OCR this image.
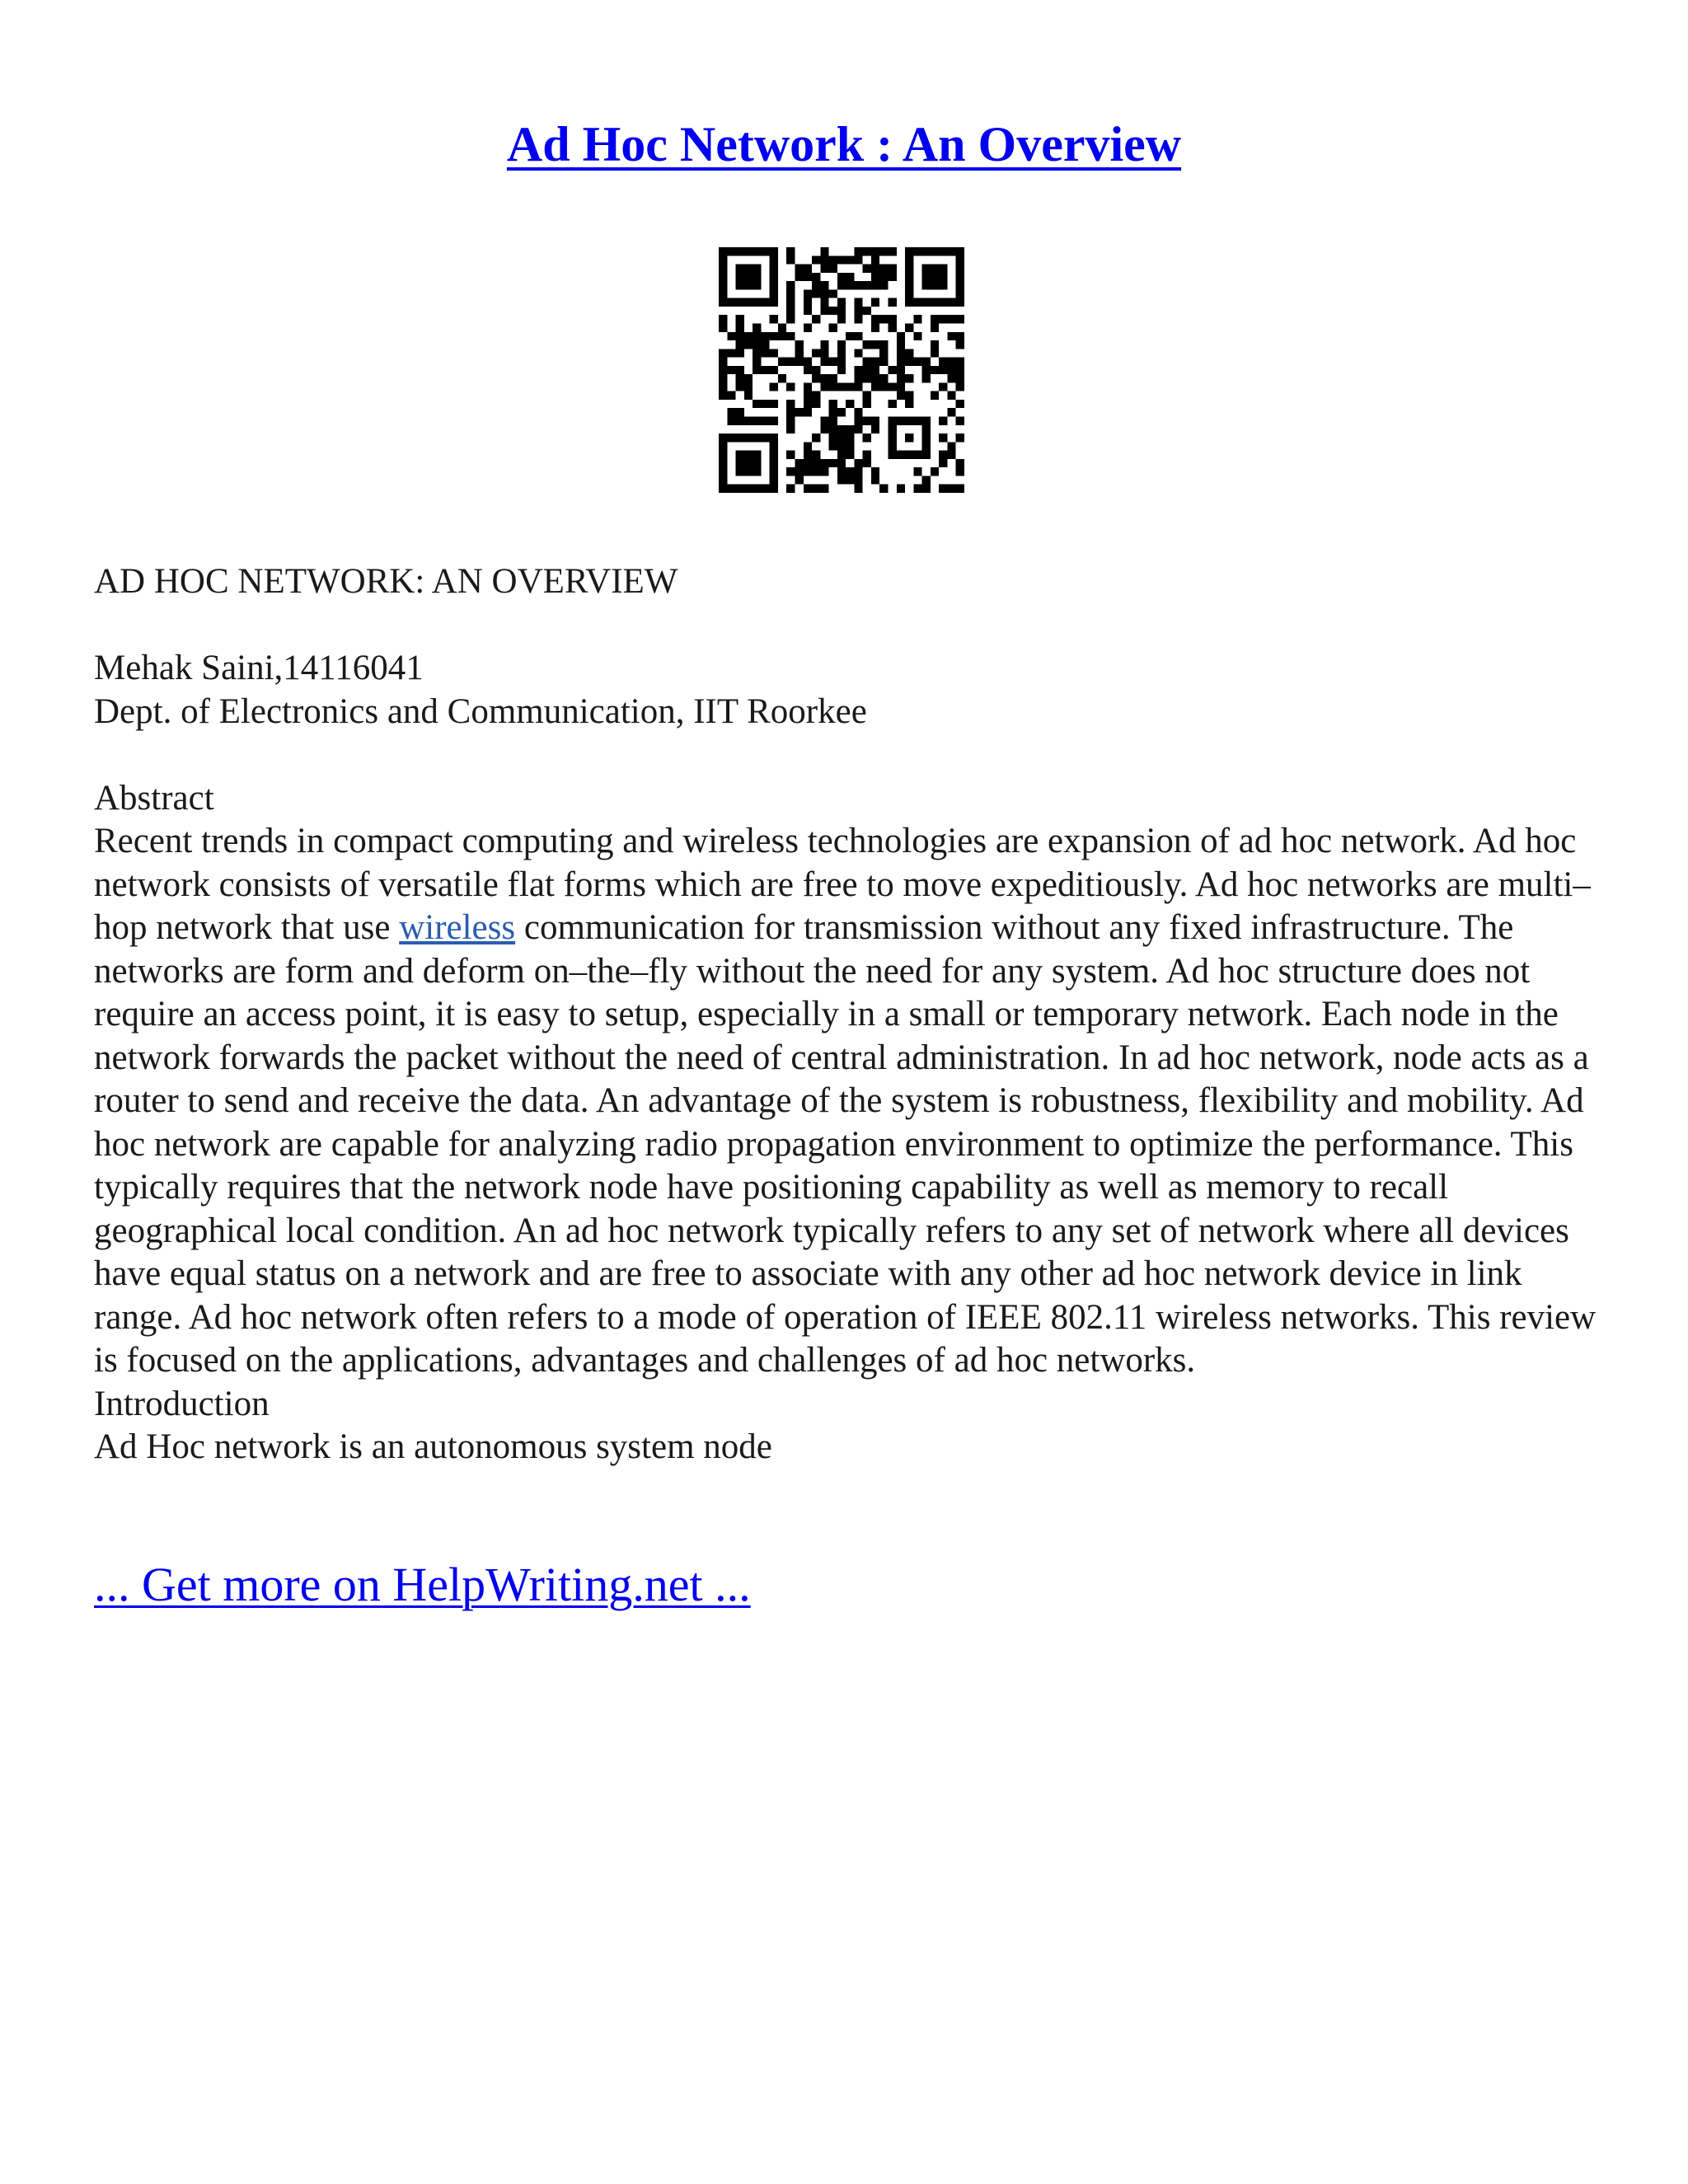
Ad Hoc Network : An Overview

AD HOC NETWORK: AN OVERVIEW

Mehak Saini,14116041

Dept. of Electronics and Communication, IIT Roorkee

Abstract

Recent trends in compact computing and wireless technologies are expansion of ad hoc network. Ad hoc network consists of versatile flat forms which are free to move expeditiously. Ad hoc networks are multi–hop network that use wireless communication for transmission without any fixed infrastructure. The networks are form and deform on–the–fly without the need for any system. Ad hoc structure does not require an access point, it is easy to setup, especially in a small or temporary network. Each node in the network forwards the packet without the need of central administration. In ad hoc network, node acts as a router to send and receive the data. An advantage of the system is robustness, flexibility and mobility. Ad hoc network are capable for analyzing radio propagation environment to optimize the performance. This typically requires that the network node have positioning capability as well as memory to recall geographical local condition. An ad hoc network typically refers to any set of network where all devices have equal status on a network and are free to associate with any other ad hoc network device in link range. Ad hoc network often refers to a mode of operation of IEEE 802.11 wireless networks. This review is focused on the applications, advantages and challenges of ad hoc networks.

Introduction

Ad Hoc network is an autonomous system node

... Get more on HelpWriting.net ...
